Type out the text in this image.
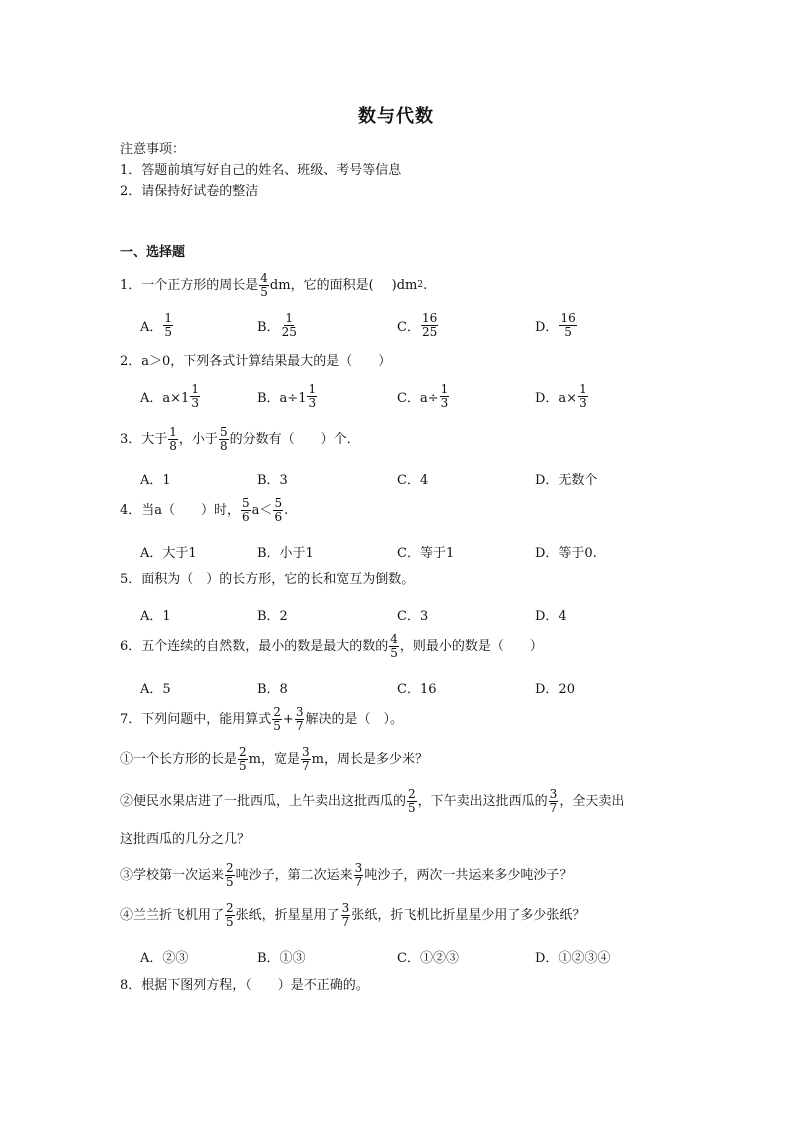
数与代数
注意事项：
1．答题前填写好自己的姓名、班级、考号等信息
2．请保持好试卷的整洁
一、选择题
1．一个正方形的周长是 $\frac{4}{5}$ dm，它的面积是( )dm 2 .
A． $\frac{1}{5}$	B． $\frac{1}{25}$	C． $\frac{16}{25}$	D． $\frac{16}{5}$
2．a＞0，下列各式计算结果最大的是（　　）
A．$a\times 1 \frac{1}{3}$	B．$a\div 1 \frac{1}{3}$	C．$a\div \frac{1}{3}$	D．$a\times \frac{1}{3}$
3．大于 $\frac{1}{8}$ ，小于 $\frac{5}{8}$ 的分数有（　　）个．
A．1	B．3	C．4	D．无数个
4．当a（　　）时， $\frac{5}{6} a< \frac{5}{6}$ .
A．大于1	B．小于1	C．等于1	D．等于0.
5．面积为（　）的长方形，它的长和宽互为倒数。
A．1	B．2	C．3	D．4
6．五个连续的自然数，最小的数是最大的数的 $\frac{4}{5}$ ，则最小的数是（　　）
A．5	B．8	C．16	D．20
7．下列问题中，能用算式 $\frac{2}{5} + \frac{3}{7}$ 解决的是（　）。
①一个长方形的长是 $\frac{2}{5}$ m，宽是 $\frac{3}{7}$ m，周长是多少米？
②便民水果店进了一批西瓜，上午卖出这批西瓜的 $\frac{2}{5}$ ，下午卖出这批西瓜的 $\frac{3}{7}$ ，全天卖出
这批西瓜的几分之几？
③学校第一次运来 $\frac{2}{5}$ 吨沙子，第二次运来 $\frac{3}{7}$ 吨沙子，两次一共运来多少吨沙子？
④兰兰折飞机用了 $\frac{2}{5}$ 张纸，折星星用了 $\frac{3}{7}$ 张纸，折飞机比折星星少用了多少张纸？
A．②③	B．①③	C．①②③	D．①②③④
8．根据下图列方程，（　　）是不正确的。
